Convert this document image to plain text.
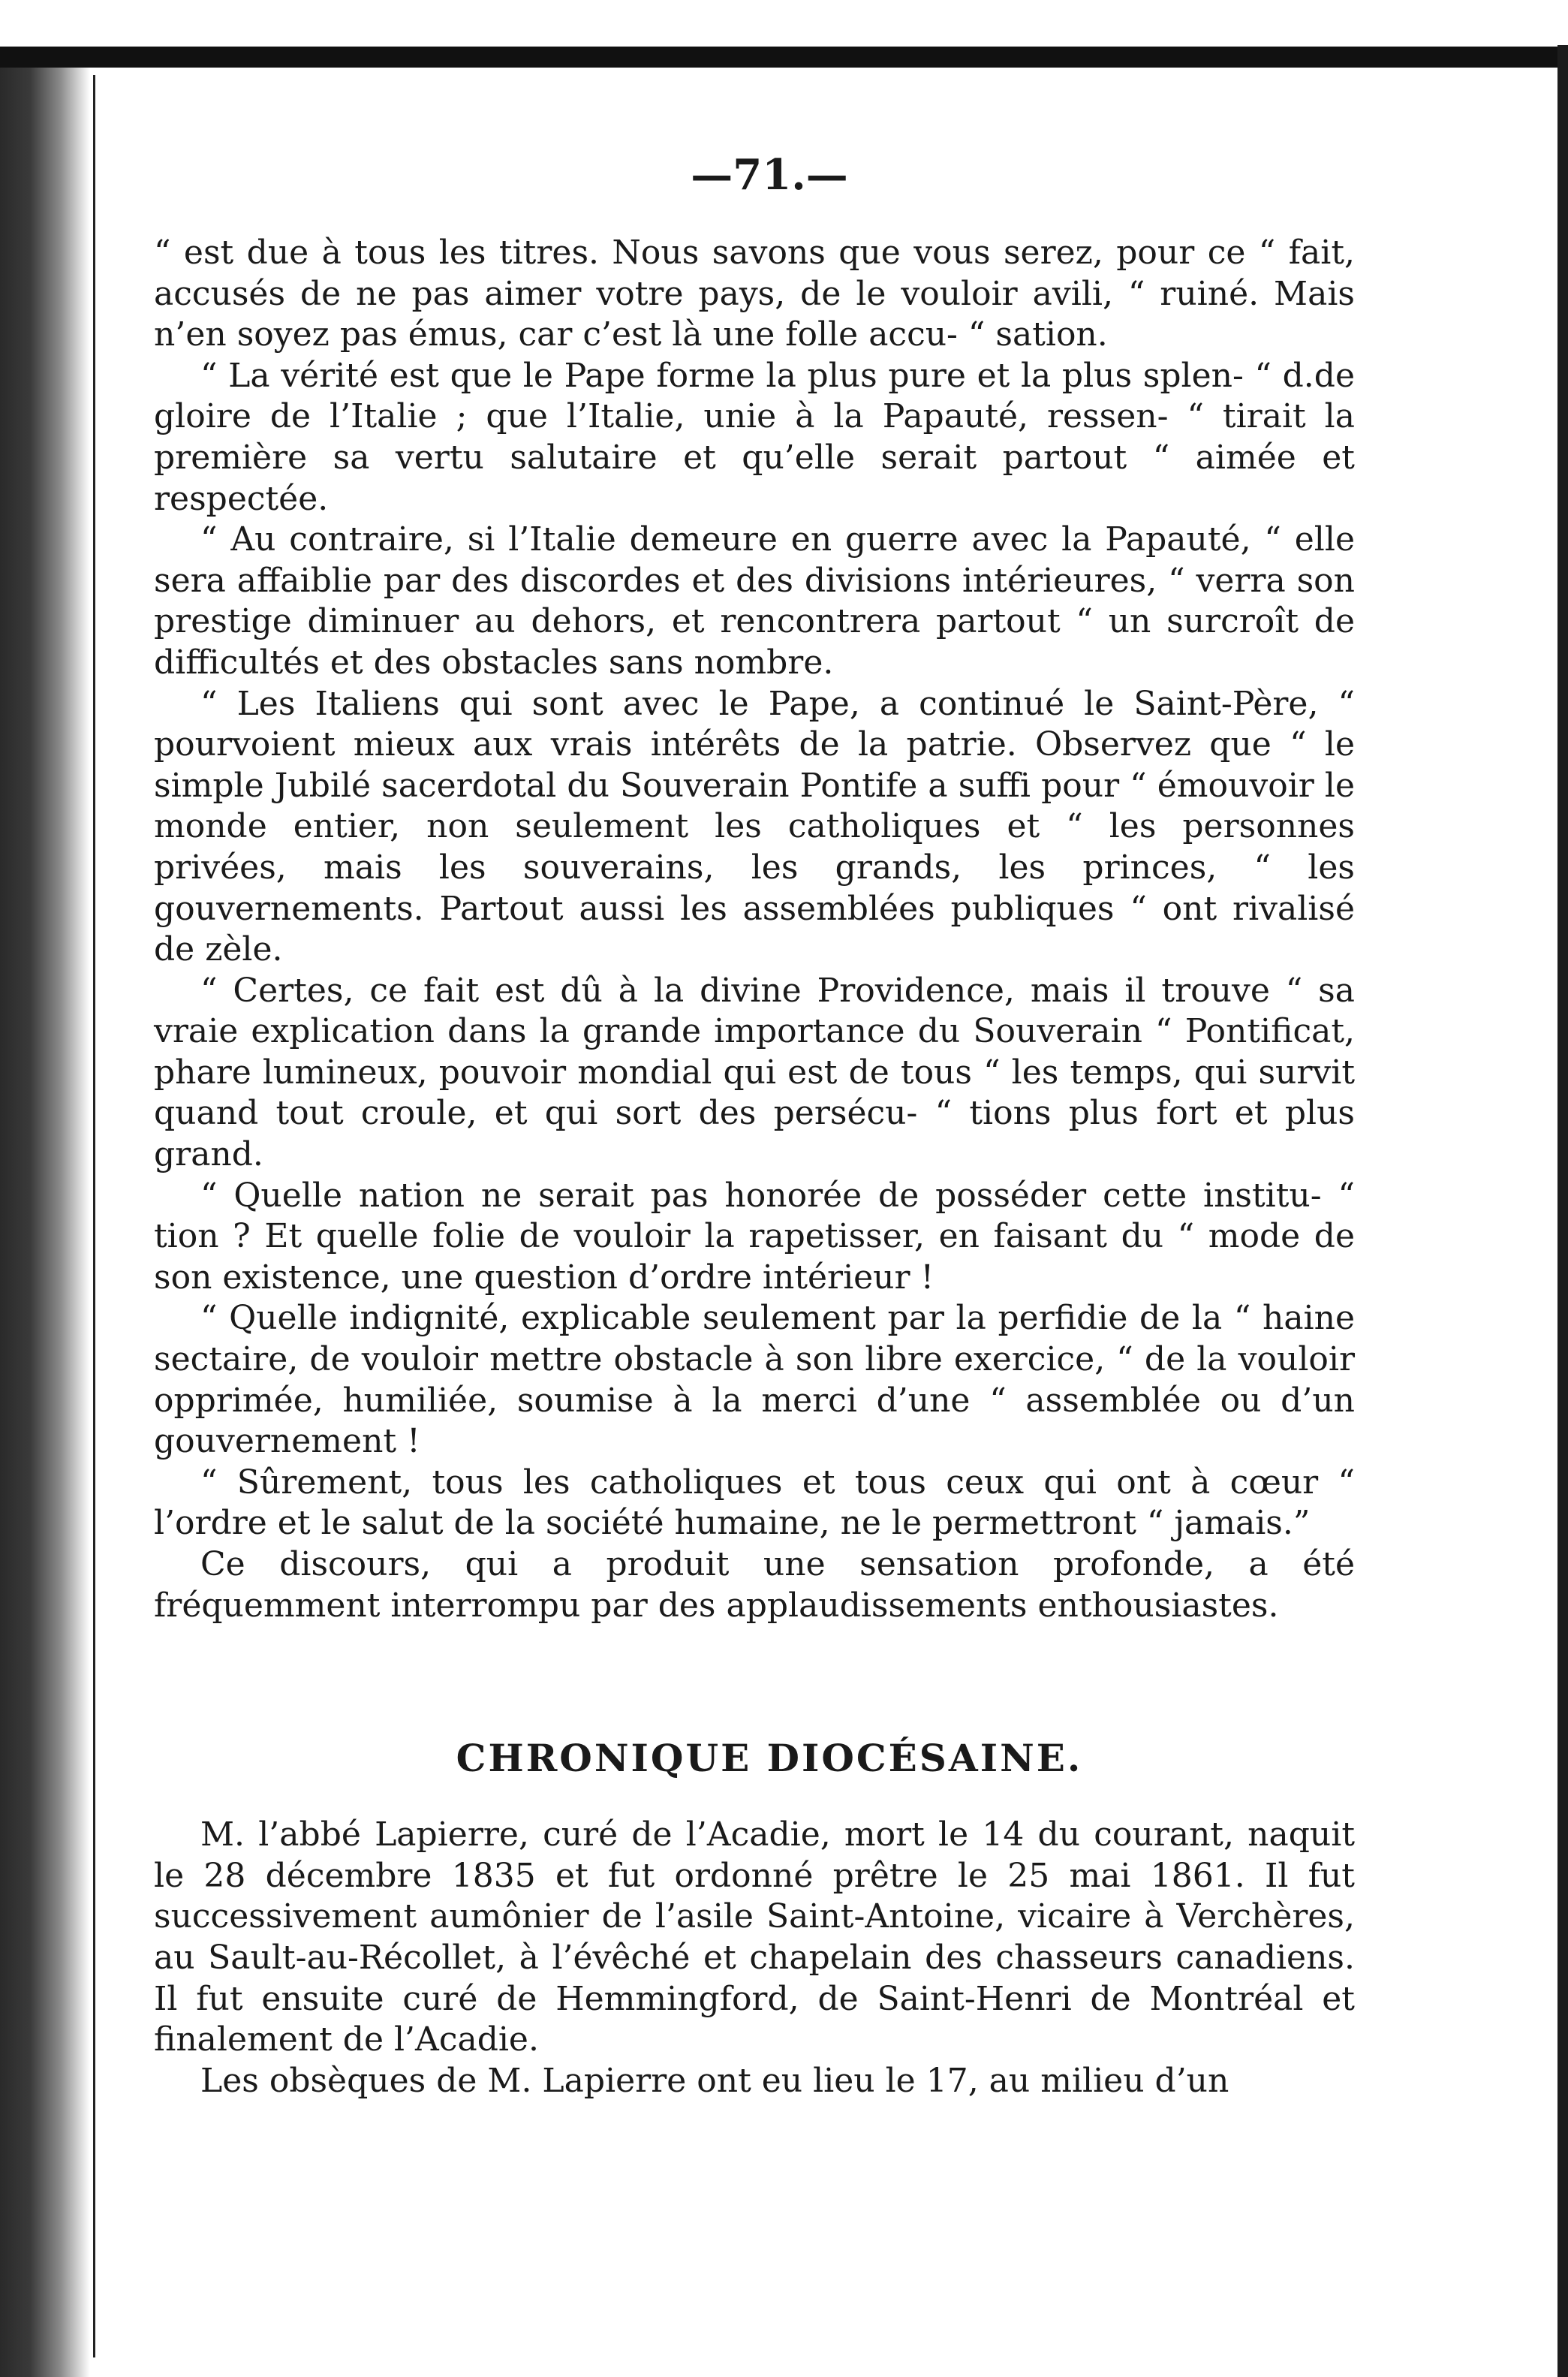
—71.—

“ est due à tous les titres. Nous savons que vous serez, pour ce “ fait, accusés de ne pas aimer votre pays, de le vouloir avili, “ ruiné. Mais n’en soyez pas émus, car c’est là une folle accu- “ sation.

“ La vérité est que le Pape forme la plus pure et la plus splen- “ d.de gloire de l’Italie ; que l’Italie, unie à la Papauté, ressen- “ tirait la première sa vertu salutaire et qu’elle serait partout “ aimée et respectée.

“ Au contraire, si l’Italie demeure en guerre avec la Papauté, “ elle sera affaiblie par des discordes et des divisions intérieures, “ verra son prestige diminuer au dehors, et rencontrera partout “ un surcroît de difficultés et des obstacles sans nombre.

“ Les Italiens qui sont avec le Pape, a continué le Saint-Père, “ pourvoient mieux aux vrais intérêts de la patrie. Observez que “ le simple Jubilé sacerdotal du Souverain Pontife a suffi pour “ émouvoir le monde entier, non seulement les catholiques et “ les personnes privées, mais les souverains, les grands, les princes, “ les gouvernements. Partout aussi les assemblées publiques “ ont rivalisé de zèle.

“ Certes, ce fait est dû à la divine Providence, mais il trouve “ sa vraie explication dans la grande importance du Souverain “ Pontificat, phare lumineux, pouvoir mondial qui est de tous “ les temps, qui survit quand tout croule, et qui sort des persécu- “ tions plus fort et plus grand.

“ Quelle nation ne serait pas honorée de posséder cette institu- “ tion ? Et quelle folie de vouloir la rapetisser, en faisant du “ mode de son existence, une question d’ordre intérieur !

“ Quelle indignité, explicable seulement par la perfidie de la “ haine sectaire, de vouloir mettre obstacle à son libre exercice, “ de la vouloir opprimée, humiliée, soumise à la merci d’une “ assemblée ou d’un gouvernement !

“ Sûrement, tous les catholiques et tous ceux qui ont à cœur “ l’ordre et le salut de la société humaine, ne le permettront “ jamais.”

Ce discours, qui a produit une sensation profonde, a été fréquemment interrompu par des applaudissements enthousiastes.

CHRONIQUE DIOCÉSAINE.

M. l’abbé Lapierre, curé de l’Acadie, mort le 14 du courant, naquit le 28 décembre 1835 et fut ordonné prêtre le 25 mai 1861. Il fut successivement aumônier de l’asile Saint-Antoine, vicaire à Verchères, au Sault-au-Récollet, à l’évêché et chapelain des chasseurs canadiens. Il fut ensuite curé de Hemmingford, de Saint-Henri de Montréal et finalement de l’Acadie.

Les obsèques de M. Lapierre ont eu lieu le 17, au milieu d’un
